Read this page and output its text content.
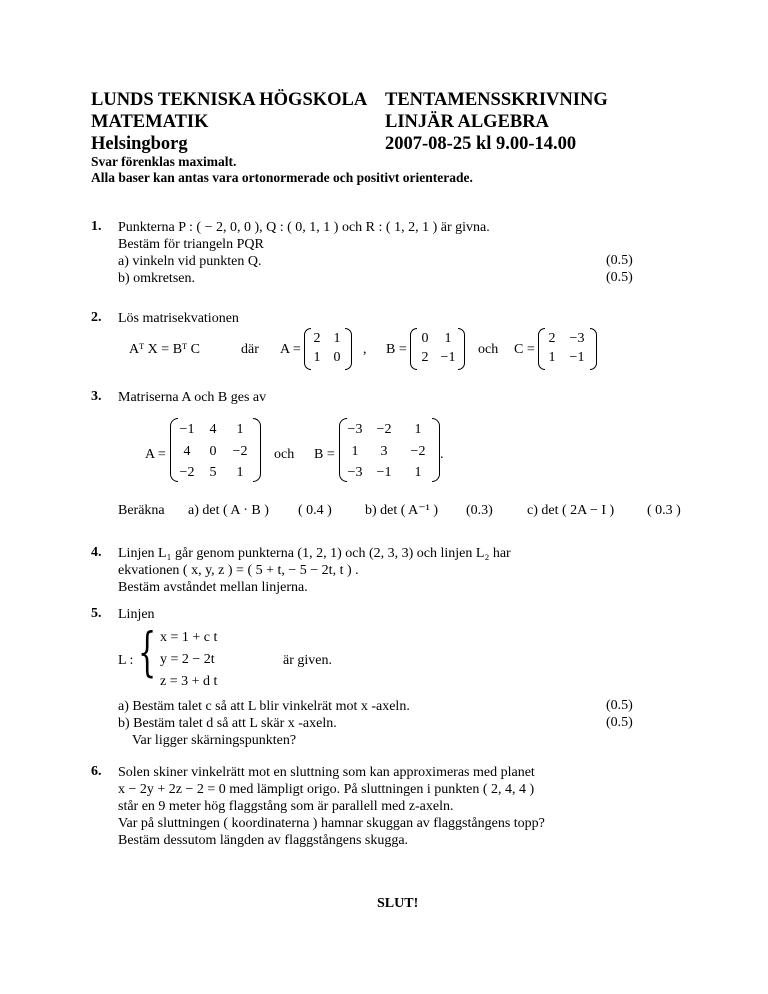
LUNDS TEKNISKA HÖGSKOLA
MATEMATIK
Helsingborg
TENTAMENSSKRIVNING
LINJÄR ALGEBRA
2007-08-25 kl 9.00-14.00
Svar förenklas maximalt.
Alla baser kan antas vara ortonormerade och positivt orienterade.
1. Punkterna P : ( − 2, 0, 0 ), Q : ( 0, 1, 1 ) och R : ( 1, 2, 1 ) är givna.
Bestäm för triangeln PQR
a) vinkeln vid punkten Q.
b) omkretsen.
(0.5)
(0.5)
2. Lös matrisekvationen
Aᵀ X = Bᵀ C	där A =
2 1
1 0
, B =
0	1
2 −1
och C =
2	−3
1	−1
3. Matriserna A och B ges av
A =
−1	4	1
4	0	−2
−2	5	1
och B =
−3	−2	1
1	3	−2
−3	−1	1
.
Beräkna a) det ( A · B ) ( 0.4 ) b) det ( A⁻¹ ) (0.3) c) det ( 2A − I ) ( 0.3 )
4. Linjen L₁ går genom punkterna (1, 2, 1) och (2, 3, 3) och linjen L₂ har
ekvationen ( x, y, z ) = ( 5 + t, − 5 − 2t, t ) .
Bestäm avståndet mellan linjerna.
5. Linjen
L : { x = 1 + c t
y = 2 − 2t
z = 3 + d t
är given.
a) Bestäm talet c så att L blir vinkelrät mot x -axeln.
b) Bestäm talet d så att L skär x -axeln.
Var ligger skärningspunkten?
(0.5)
(0.5)
6. Solen skiner vinkelrätt mot en sluttning som kan approximeras med planet
x − 2y + 2z − 2 = 0 med lämpligt origo. På sluttningen i punkten ( 2, 4, 4 )
står en 9 meter hög flaggstång som är parallell med z-axeln.
Var på sluttningen ( koordinaterna ) hamnar skuggan av flaggstångens topp?
Bestäm dessutom längden av flaggstångens skugga.
SLUT!
